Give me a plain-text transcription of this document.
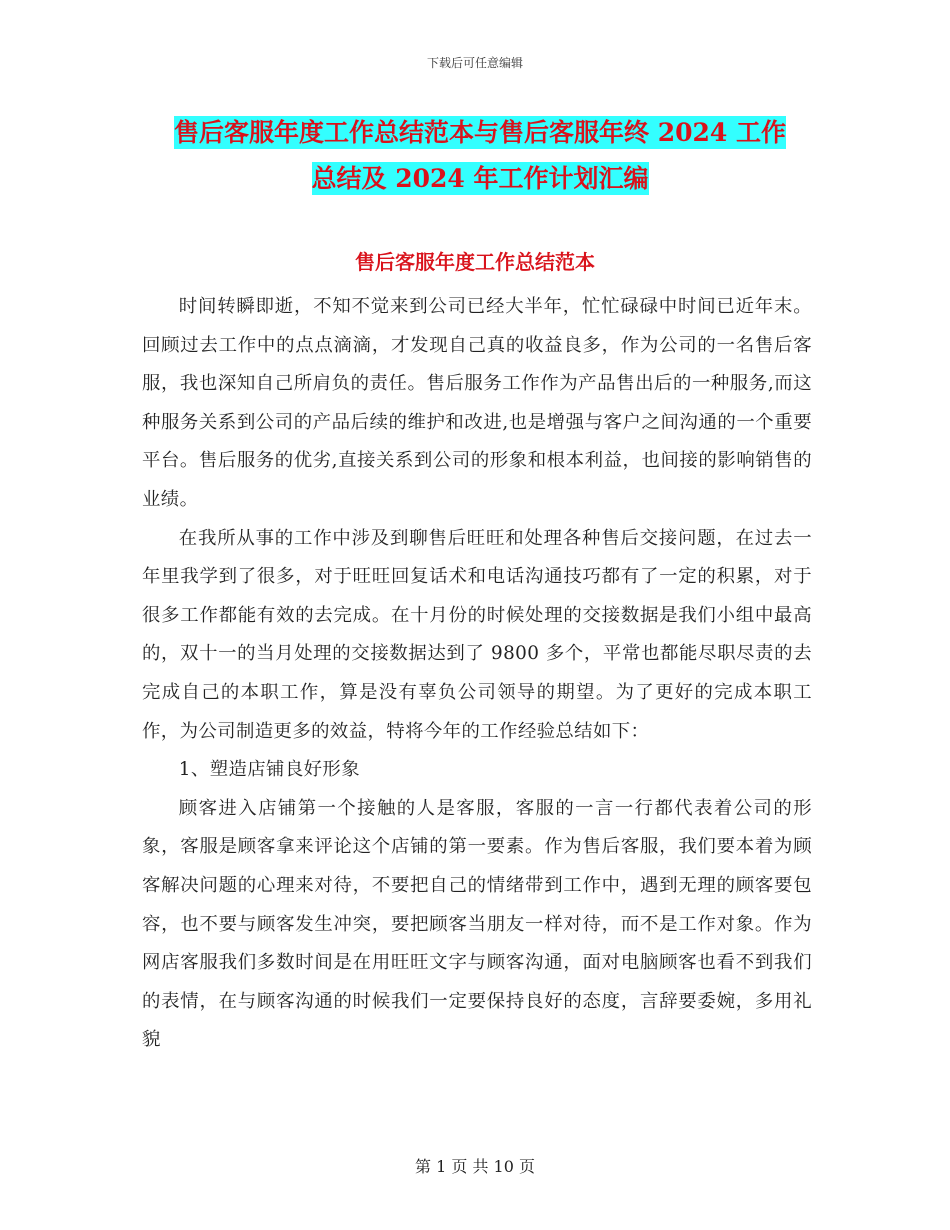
下载后可任意编辑
售后客服年度工作总结范本与售后客服年终 2024 工作
总结及 2024 年工作计划汇编
售后客服年度工作总结范本

时间转瞬即逝，不知不觉来到公司已经大半年，忙忙碌碌中时间已近年末。回顾过去工作中的点点滴滴，才发现自己真的收益良多，作为公司的一名售后客服，我也深知自己所肩负的责任。售后服务工作作为产品售出后的一种服务,而这种服务关系到公司的产品后续的维护和改进,也是增强与客户之间沟通的一个重要平台。售后服务的优劣,直接关系到公司的形象和根本利益，也间接的影响销售的业绩。

在我所从事的工作中涉及到聊售后旺旺和处理各种售后交接问题，在过去一年里我学到了很多，对于旺旺回复话术和电话沟通技巧都有了一定的积累，对于很多工作都能有效的去完成。在十月份的时候处理的交接数据是我们小组中最高的，双十一的当月处理的交接数据达到了 9800 多个，平常也都能尽职尽责的去完成自己的本职工作，算是没有辜负公司领导的期望。为了更好的完成本职工作，为公司制造更多的效益，特将今年的工作经验总结如下：

1、塑造店铺良好形象

顾客进入店铺第一个接触的人是客服，客服的一言一行都代表着公司的形象，客服是顾客拿来评论这个店铺的第一要素。作为售后客服，我们要本着为顾客解决问题的心理来对待，不要把自己的情绪带到工作中，遇到无理的顾客要包容，也不要与顾客发生冲突，要把顾客当朋友一样对待，而不是工作对象。作为网店客服我们多数时间是在用旺旺文字与顾客沟通，面对电脑顾客也看不到我们的表情，在与顾客沟通的时候我们一定要保持良好的态度，言辞要委婉，多用礼貌

第 1 页 共 10 页
